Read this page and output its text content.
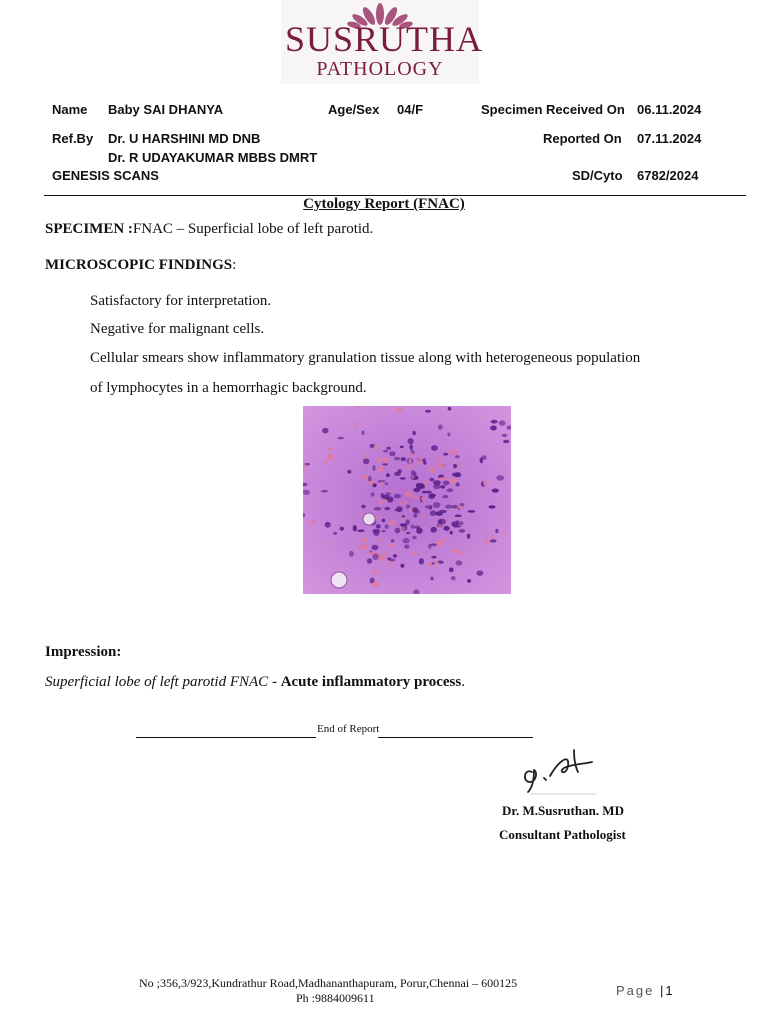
SUSRUTHA
PATHOLOGY
Name Baby SAI DHANYA	Age/Sex 04/F	Specimen Received On 06.11.2024
Ref.By Dr. U HARSHINI MD DNB
Dr. R UDAYAKUMAR MBBS DMRT
Reported On 07.11.2024
GENESIS SCANS	SD/Cyto 6782/2024
Cytology Report (FNAC)
SPECIMEN :FNAC – Superficial lobe of left parotid.
MICROSCOPIC FINDINGS:
Satisfactory for interpretation.
Negative for malignant cells.
Cellular smears show inflammatory granulation tissue along with heterogeneous population
of lymphocytes in a hemorrhagic background.
Impression:
Superficial lobe of left parotid FNAC - Acute inflammatory process.
End of Report
Dr. M.Susruthan. MD
Consultant Pathologist
No ;356,3/923,Kundrathur Road,Madhananthapuram, Porur,Chennai – 600125
Ph :9884009611	Page |1
